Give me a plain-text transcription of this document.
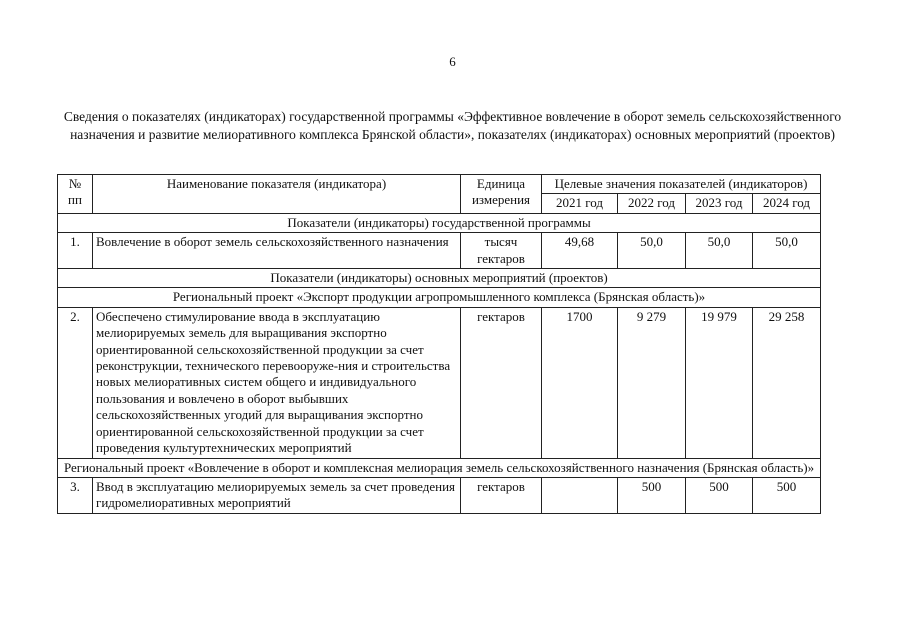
6
Сведения о показателях (индикаторах) государственной программы «Эффективное вовлечение в оборот земель сельскохозяйственного назначения и развитие мелиоративного комплекса Брянской области», показателях (индикаторах) основных мероприятий (проектов)
№ пп	Наименование показателя (индикатора)	Единица измерения	Целевые значения показателей (индикаторов)			
			2021 год	2022 год	2023 год	2024 год
Показатели (индикаторы) государственной программы						
1.	Вовлечение в оборот земель сельскохозяйственного назначения	тысяч гектаров	49,68	50,0	50,0	50,0
Показатели (индикаторы) основных мероприятий (проектов)						
Региональный проект «Экспорт продукции агропромышленного комплекса (Брянская область)»						
2.	Обеспечено стимулирование ввода в эксплуатацию мелиорируемых земель для выращивания экспортно ориентированной сельскохозяйственной продукции за счет реконструкции, технического перевооруже-ния и строительства новых мелиоративных систем общего и индивидуального пользования и вовлечено в оборот выбывших сельскохозяйственных угодий для выращивания экспортно ориентированной сельскохозяйственной продукции за счет проведения культуртехнических мероприятий	гектаров	1700	9 279	19 979	29 258
Региональный проект «Вовлечение в оборот и комплексная мелиорация земель сельскохозяйственного назначения (Брянская область)»						
3.	Ввод в эксплуатацию мелиорируемых земель за счет проведения гидромелиоративных мероприятий	гектаров		500	500	500
